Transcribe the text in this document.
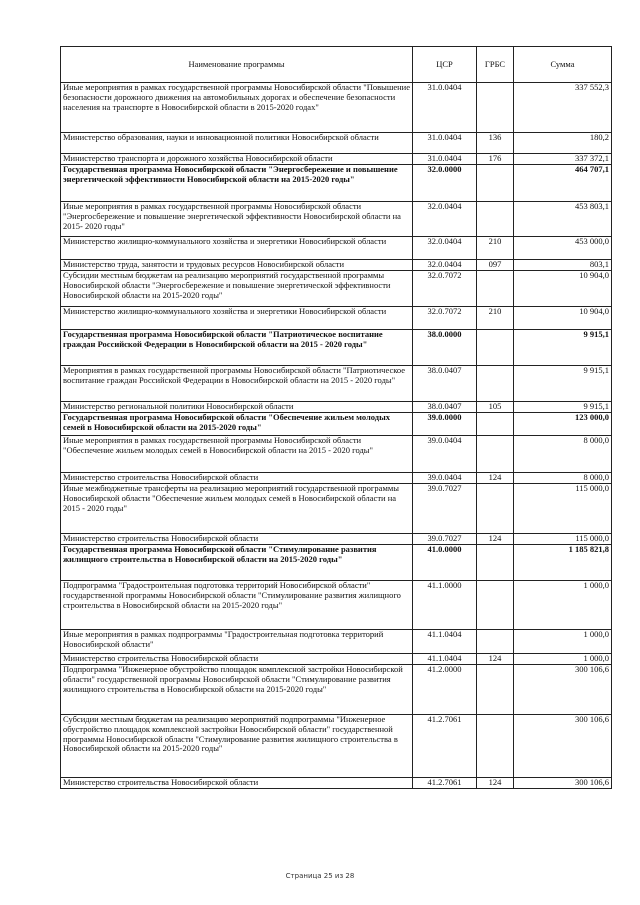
Наименование программы	ЦСР	ГРБС	Сумма
Иные мероприятия в рамках государственной программы Новосибирской области "Повышение безопасности дорожного движения на автомобильных дорогах и обеспечение безопасности населения на транспорте в Новосибирской области в 2015-2020 годах"	31.0.0404		337 552,3
Министерство образования, науки и инновационной политики Новосибирской области	31.0.0404	136	180,2
Министерство транспорта и дорожного хозяйства Новосибирской области	31.0.0404	176	337 372,1
Государственная программа Новосибирской области "Энергосбережение и повышение энергетической эффективности Новосибирской области на 2015-2020 годы"	32.0.0000		464 707,1
Иные мероприятия в рамках государственной программы Новосибирской области "Энергосбережение и повышение энергетической эффективности Новосибирской области на 2015- 2020 годы"	32.0.0404		453 803,1
Министерство жилищно-коммунального хозяйства и энергетики Новосибирской области	32.0.0404	210	453 000,0
Министерство труда, занятости и трудовых ресурсов Новосибирской области	32.0.0404	097	803,1
Субсидии местным бюджетам на реализацию мероприятий государственной программы Новосибирской области "Энергосбережение и повышение энергетической эффективности Новосибирской области на 2015-2020 годы"	32.0.7072		10 904,0
Министерство жилищно-коммунального хозяйства и энергетики Новосибирской области	32.0.7072	210	10 904,0
Государственная программа Новосибирской области "Патриотическое воспитание граждан Российской Федерации в Новосибирской области на 2015 - 2020 годы"	38.0.0000		9 915,1
Мероприятия в рамках государственной программы Новосибирской области "Патриотическое воспитание граждан Российской Федерации в Новосибирской области на 2015 - 2020 годы"	38.0.0407		9 915,1
Министерство региональной политики Новосибирской области	38.0.0407	105	9 915,1
Государственная программа Новосибирской области "Обеспечение жильем молодых семей в Новосибирской области на 2015-2020 годы"	39.0.0000		123 000,0
Иные мероприятия в рамках государственной программы Новосибирской области "Обеспечение жильем молодых семей в Новосибирской области на 2015 - 2020 годы"	39.0.0404		8 000,0
Министерство строительства Новосибирской области	39.0.0404	124	8 000,0
Иные межбюджетные трансферты на реализацию мероприятий государственной программы Новосибирской области "Обеспечение жильем молодых семей в Новосибирской области на 2015 - 2020 годы"	39.0.7027		115 000,0
Министерство строительства Новосибирской области	39.0.7027	124	115 000,0
Государственная программа Новосибирской области "Стимулирование развития жилищного строительства в Новосибирской области на 2015-2020 годы"	41.0.0000		1 185 821,8
Подпрограмма "Градостроительная подготовка территорий Новосибирской области" государственной программы Новосибирской области "Стимулирование развития жилищного строительства в Новосибирской области на 2015-2020 годы"	41.1.0000		1 000,0
Иные мероприятия в рамках подпрограммы "Градостроительная подготовка территорий Новосибирской области"	41.1.0404		1 000,0
Министерство строительства Новосибирской области	41.1.0404	124	1 000,0
Подпрограмма "Инженерное обустройство площадок комплексной застройки Новосибирской области" государственной программы Новосибирской области "Стимулирование развития жилищного строительства в Новосибирской области на 2015-2020 годы"	41.2.0000		300 106,6
Субсидии местным бюджетам на реализацию мероприятий подпрограммы "Инженерное обустройство площадок комплексной застройки Новосибирской области" государственной программы Новосибирской области "Стимулирование развития жилищного строительства в Новосибирской области на 2015-2020 годы"	41.2.7061		300 106,6
Министерство строительства Новосибирской области	41.2.7061	124	300 106,6
Страница 25 из 28
